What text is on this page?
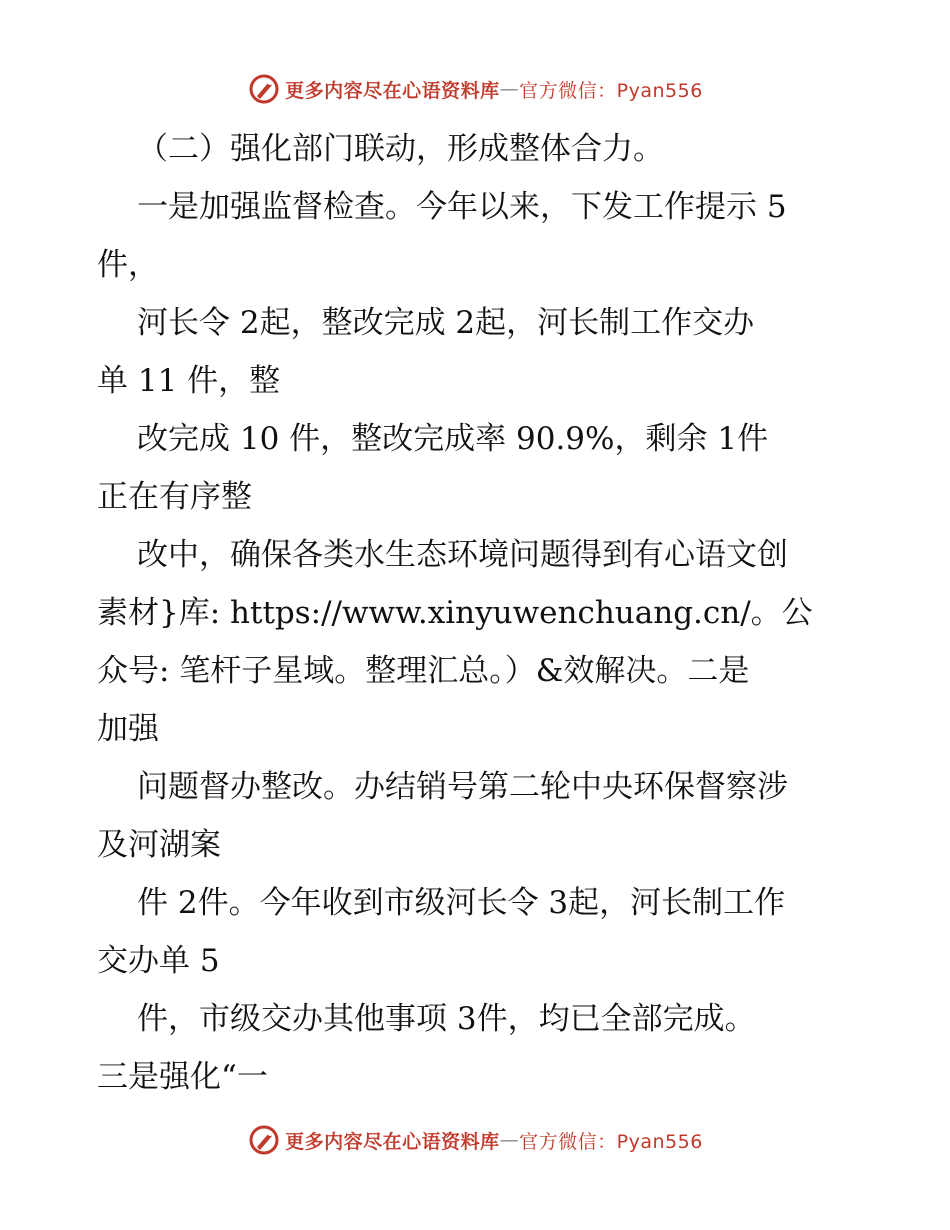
更多内容尽在心语资料库 — 官方微信：Pyan556
（二）强化部门联动，形成整体合力。
一是加强监督检查。今年以来，下发工作提示 5
件，
河长令 2起，整改完成 2起，河长制工作交办
单 11 件，整
改完成 10 件，整改完成率 90.9%，剩余 1件
正在有序整
改中，确保各类水生态环境问题得到有心语文创
素材}库: https://www.xinyuwenchuang.cn/。公
众号: 笔杆子星域。整理汇总。）&效解决。二是
加强
问题督办整改。办结销号第二轮中央环保督察涉
及河湖案
件 2件。今年收到市级河长令 3起，河长制工作
交办单 5
件，市级交办其他事项 3件，均已全部完成。
三是强化“一
更多内容尽在心语资料库 — 官方微信：Pyan556
